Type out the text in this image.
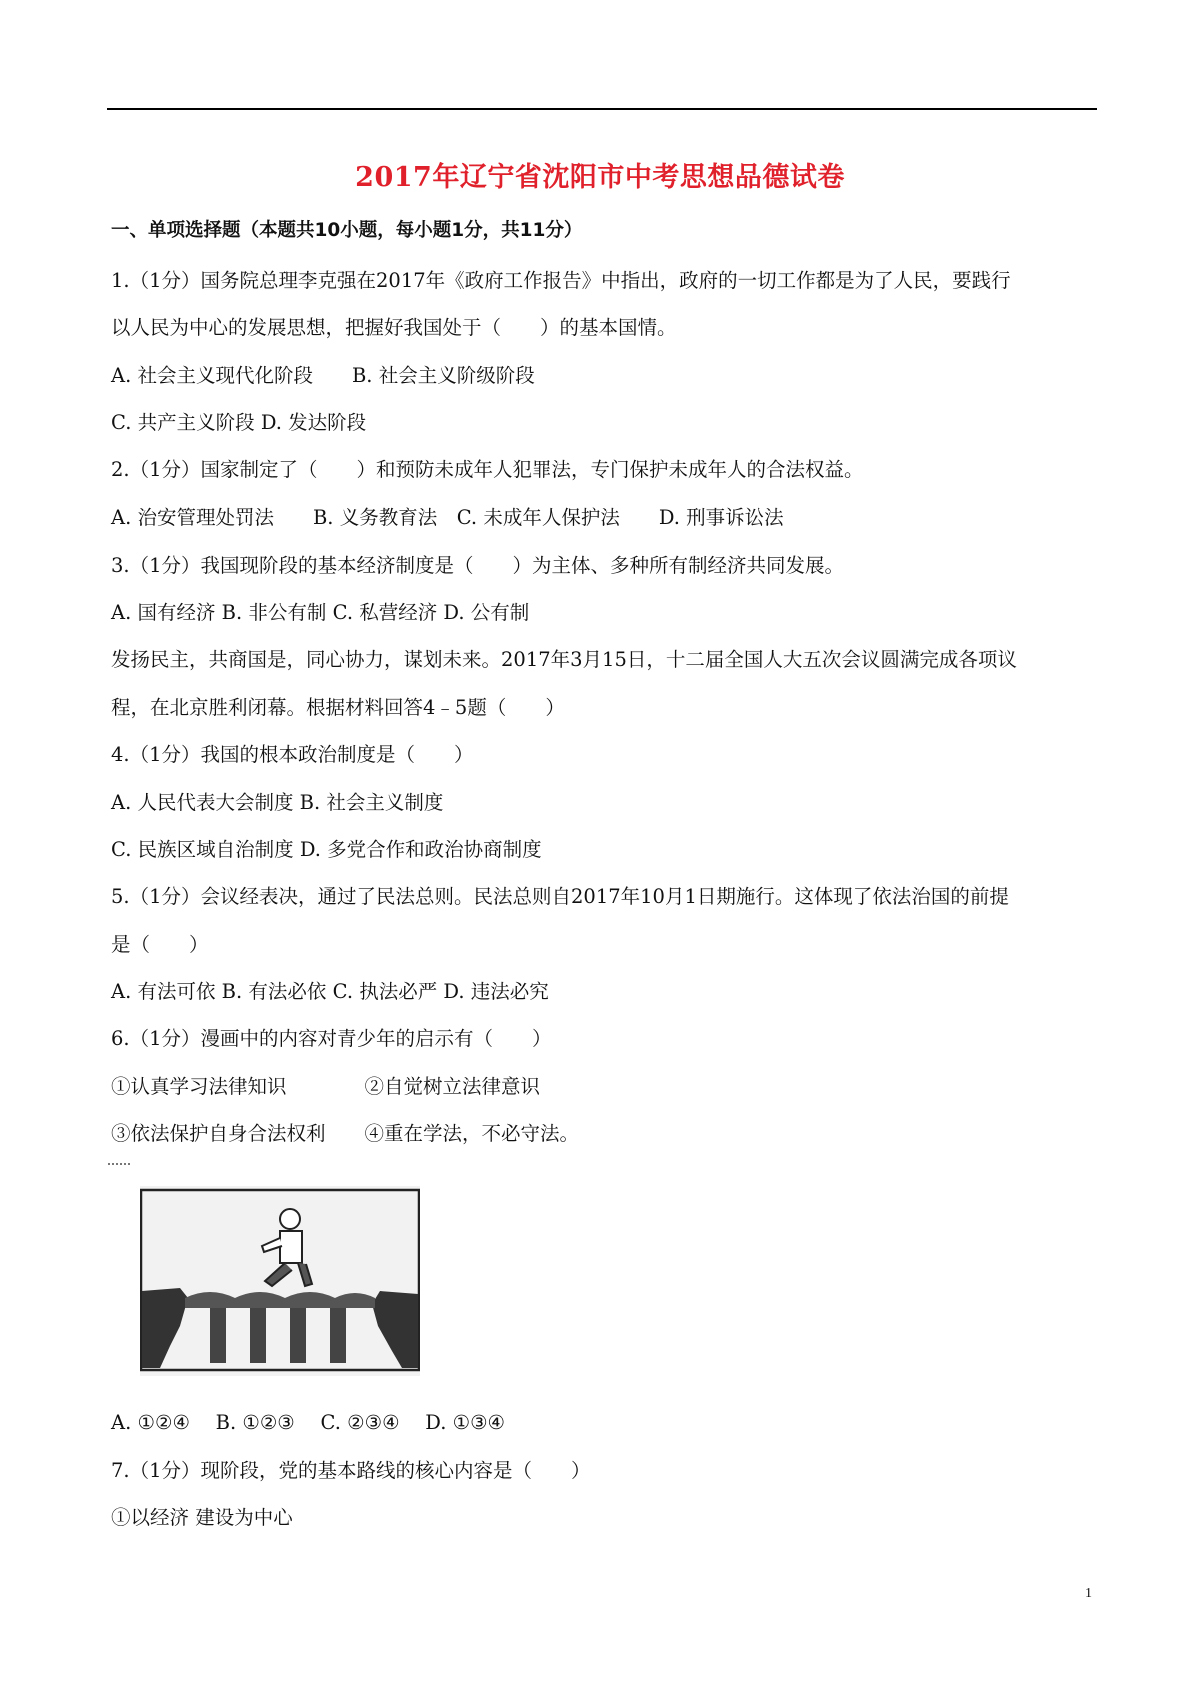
2017年辽宁省沈阳市中考思想品德试卷
一、单项选择题（本题共10小题，每小题1分，共11分）
1.（1分）国务院总理李克强在2017年《政府工作报告》中指出，政府的一切工作都是为了人民，要践行
以人民为中心的发展思想，把握好我国处于（　　）的基本国情。
A. 社会主义现代化阶段　　B. 社会主义阶级阶段
C. 共产主义阶段 D. 发达阶段
2.（1分）国家制定了（　　）和预防未成年人犯罪法，专门保护未成年人的合法权益。
A. 治安管理处罚法　　B. 义务教育法　C. 未成年人保护法　　D. 刑事诉讼法
3.（1分）我国现阶段的基本经济制度是（　　）为主体、多种所有制经济共同发展。
A. 国有经济 B. 非公有制 C. 私营经济 D. 公有制
发扬民主，共商国是，同心协力，谋划未来。2017年3月15日，十二届全国人大五次会议圆满完成各项议
程，在北京胜利闭幕。根据材料回答4﹣5题（　　）
4.（1分）我国的根本政治制度是（　　）
A. 人民代表大会制度 B. 社会主义制度
C. 民族区域自治制度 D. 多党合作和政治协商制度
5.（1分）会议经表决，通过了民法总则。民法总则自2017年10月1日期施行。这体现了依法治国的前提
是（　　）
A. 有法可依 B. 有法必依 C. 执法必严 D. 违法必究
6.（1分）漫画中的内容对青少年的启示有（　　）
①认真学习法律知识　　　　②自觉树立法律意识
③依法保护自身合法权利　　④重在学法，不必守法。
A. ①②④　 B. ①②③　 C. ②③④　 D. ①③④
7.（1分）现阶段，党的基本路线的核心内容是（　　）
①以经济 建设为中心
1
